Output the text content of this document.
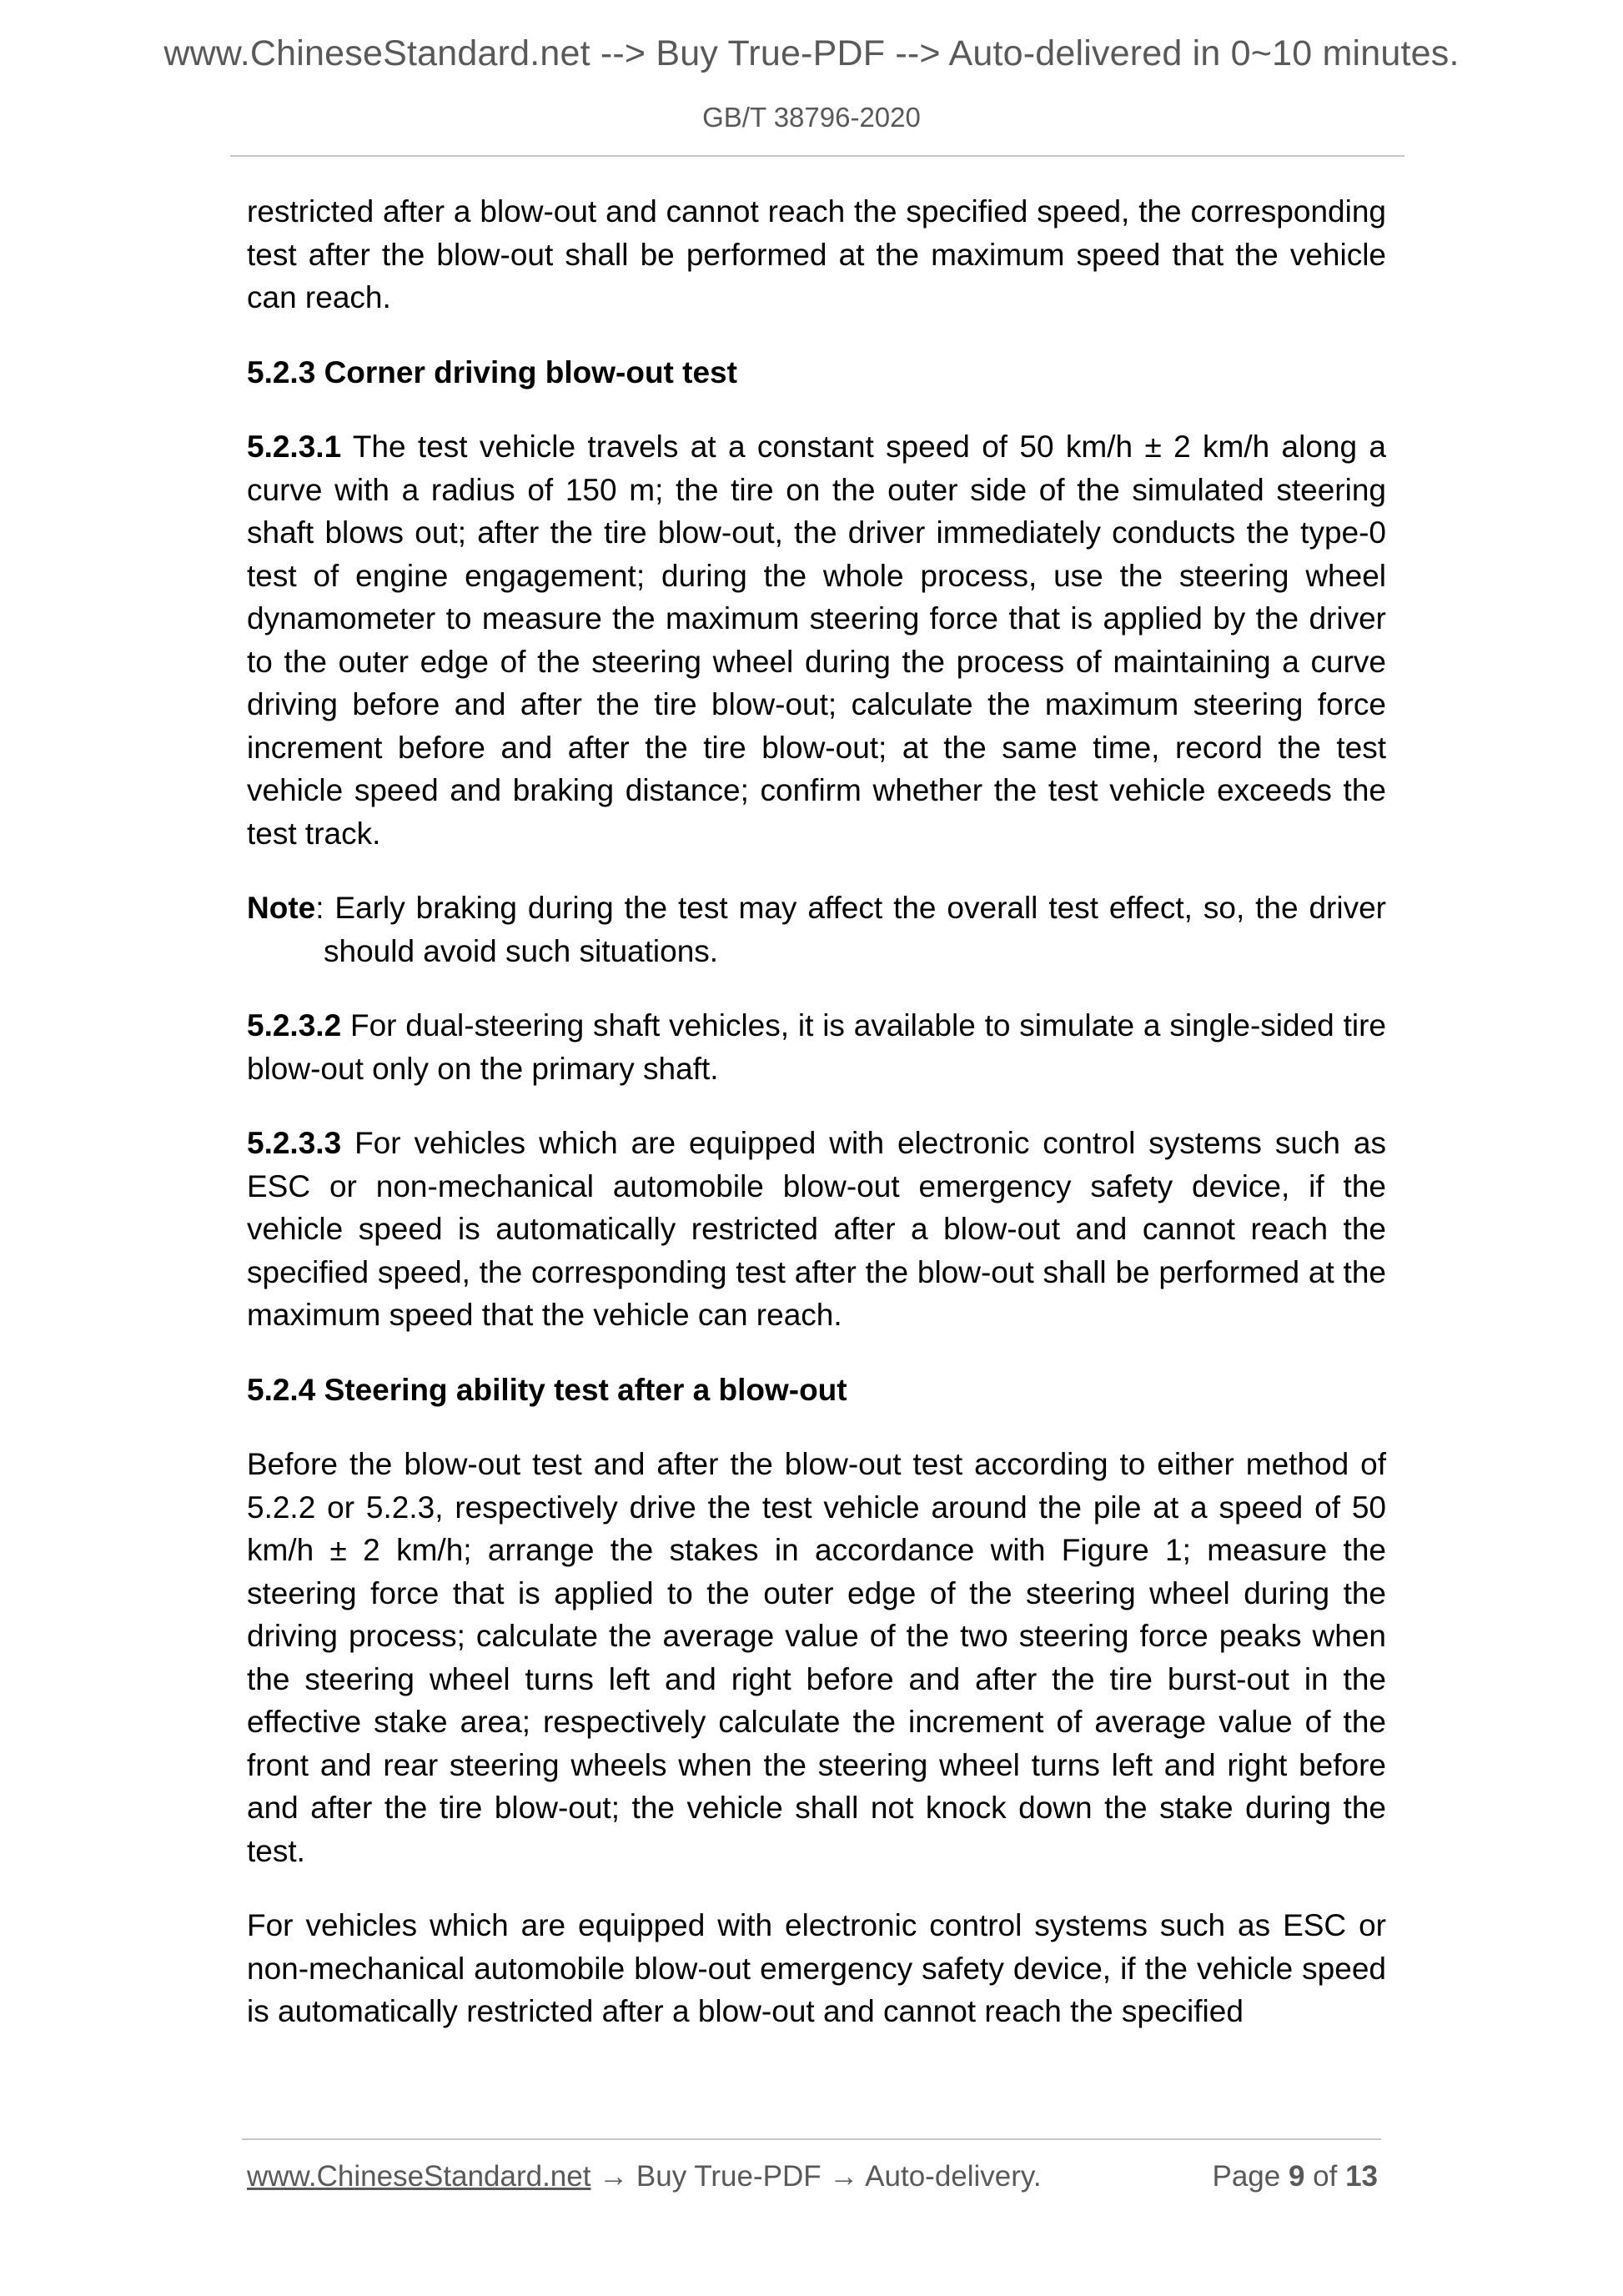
www.ChineseStandard.net --> Buy True-PDF --> Auto-delivered in 0~10 minutes.
GB/T 38796-2020

restricted after a blow-out and cannot reach the specified speed, the corresponding test after the blow-out shall be performed at the maximum speed that the vehicle can reach.

5.2.3 Corner driving blow-out test

5.2.3.1 The test vehicle travels at a constant speed of 50 km/h ± 2 km/h along a curve with a radius of 150 m; the tire on the outer side of the simulated steering shaft blows out; after the tire blow-out, the driver immediately conducts the type-0 test of engine engagement; during the whole process, use the steering wheel dynamometer to measure the maximum steering force that is applied by the driver to the outer edge of the steering wheel during the process of maintaining a curve driving before and after the tire blow-out; calculate the maximum steering force increment before and after the tire blow-out; at the same time, record the test vehicle speed and braking distance; confirm whether the test vehicle exceeds the test track.

Note: Early braking during the test may affect the overall test effect, so, the driver should avoid such situations.

5.2.3.2 For dual-steering shaft vehicles, it is available to simulate a single-sided tire blow-out only on the primary shaft.

5.2.3.3 For vehicles which are equipped with electronic control systems such as ESC or non-mechanical automobile blow-out emergency safety device, if the vehicle speed is automatically restricted after a blow-out and cannot reach the specified speed, the corresponding test after the blow-out shall be performed at the maximum speed that the vehicle can reach.

5.2.4 Steering ability test after a blow-out

Before the blow-out test and after the blow-out test according to either method of 5.2.2 or 5.2.3, respectively drive the test vehicle around the pile at a speed of 50 km/h ± 2 km/h; arrange the stakes in accordance with Figure 1; measure the steering force that is applied to the outer edge of the steering wheel during the driving process; calculate the average value of the two steering force peaks when the steering wheel turns left and right before and after the tire burst-out in the effective stake area; respectively calculate the increment of average value of the front and rear steering wheels when the steering wheel turns left and right before and after the tire blow-out; the vehicle shall not knock down the stake during the test.

For vehicles which are equipped with electronic control systems such as ESC or non-mechanical automobile blow-out emergency safety device, if the vehicle speed is automatically restricted after a blow-out and cannot reach the specified

www.ChineseStandard.net → Buy True-PDF → Auto-delivery.	Page 9 of 13
